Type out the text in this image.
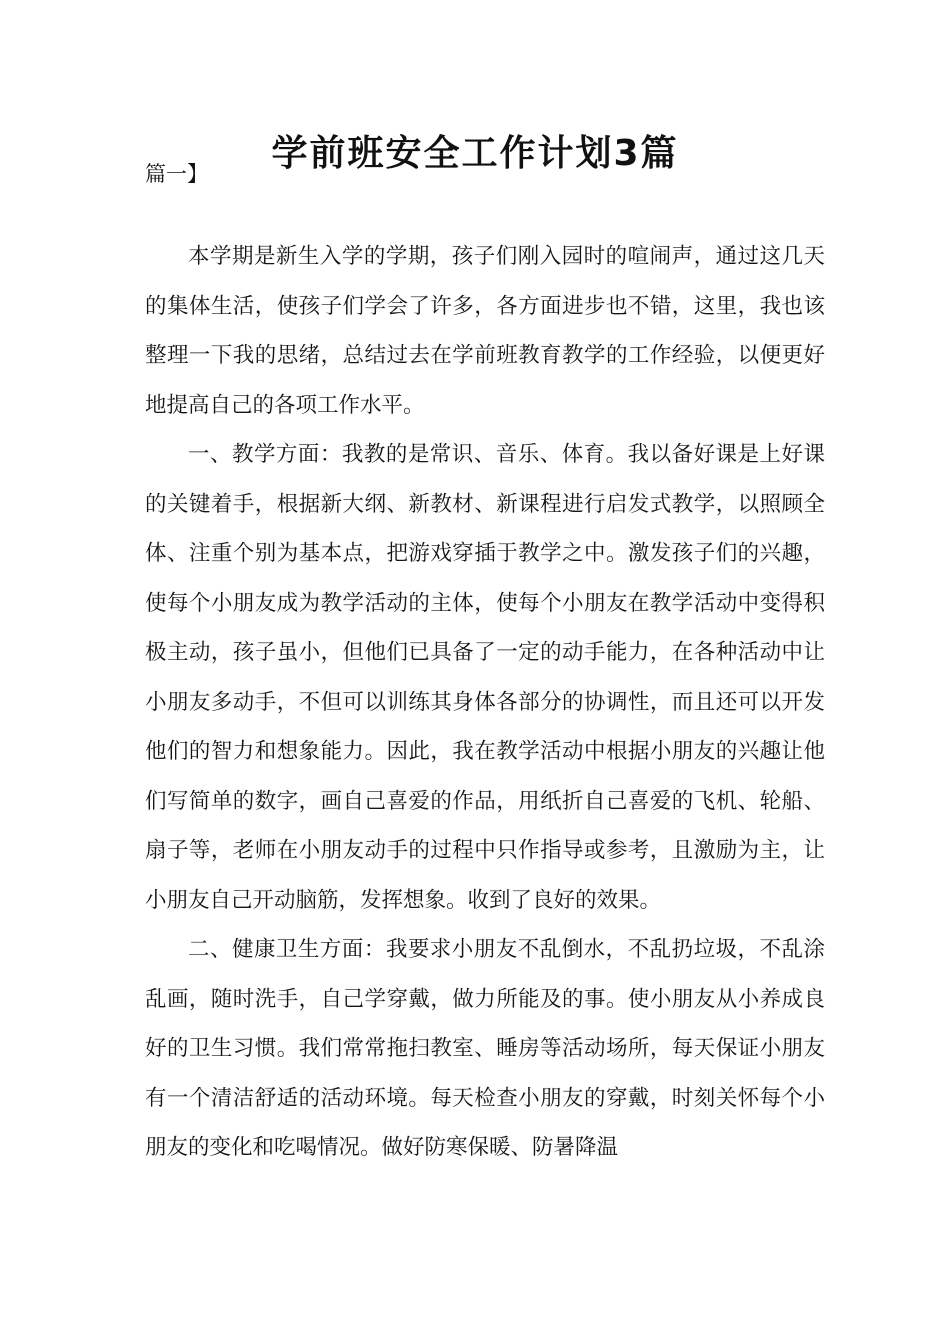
学前班安全工作计划3篇

篇一】

本学期是新生入学的学期，孩子们刚入园时的喧闹声，通过这几天的集体生活，使孩子们学会了许多，各方面进步也不错，这里，我也该整理一下我的思绪，总结过去在学前班教育教学的工作经验，以便更好地提高自己的各项工作水平。

一、教学方面：我教的是常识、音乐、体育。我以备好课是上好课的关键着手，根据新大纲、新教材、新课程进行启发式教学，以照顾全体、注重个别为基本点，把游戏穿插于教学之中。激发孩子们的兴趣，使每个小朋友成为教学活动的主体，使每个小朋友在教学活动中变得积极主动，孩子虽小，但他们已具备了一定的动手能力，在各种活动中让小朋友多动手，不但可以训练其身体各部分的协调性，而且还可以开发他们的智力和想象能力。因此，我在教学活动中根据小朋友的兴趣让他们写简单的数字，画自己喜爱的作品，用纸折自己喜爱的飞机、轮船、扇子等，老师在小朋友动手的过程中只作指导或参考，且激励为主，让小朋友自己开动脑筋，发挥想象。收到了良好的效果。

二、健康卫生方面：我要求小朋友不乱倒水，不乱扔垃圾，不乱涂乱画，随时洗手，自己学穿戴，做力所能及的事。使小朋友从小养成良好的卫生习惯。我们常常拖扫教室、睡房等活动场所，每天保证小朋友有一个清洁舒适的活动环境。每天检查小朋友的穿戴，时刻关怀每个小朋友的变化和吃喝情况。做好防寒保暖、防暑降温
